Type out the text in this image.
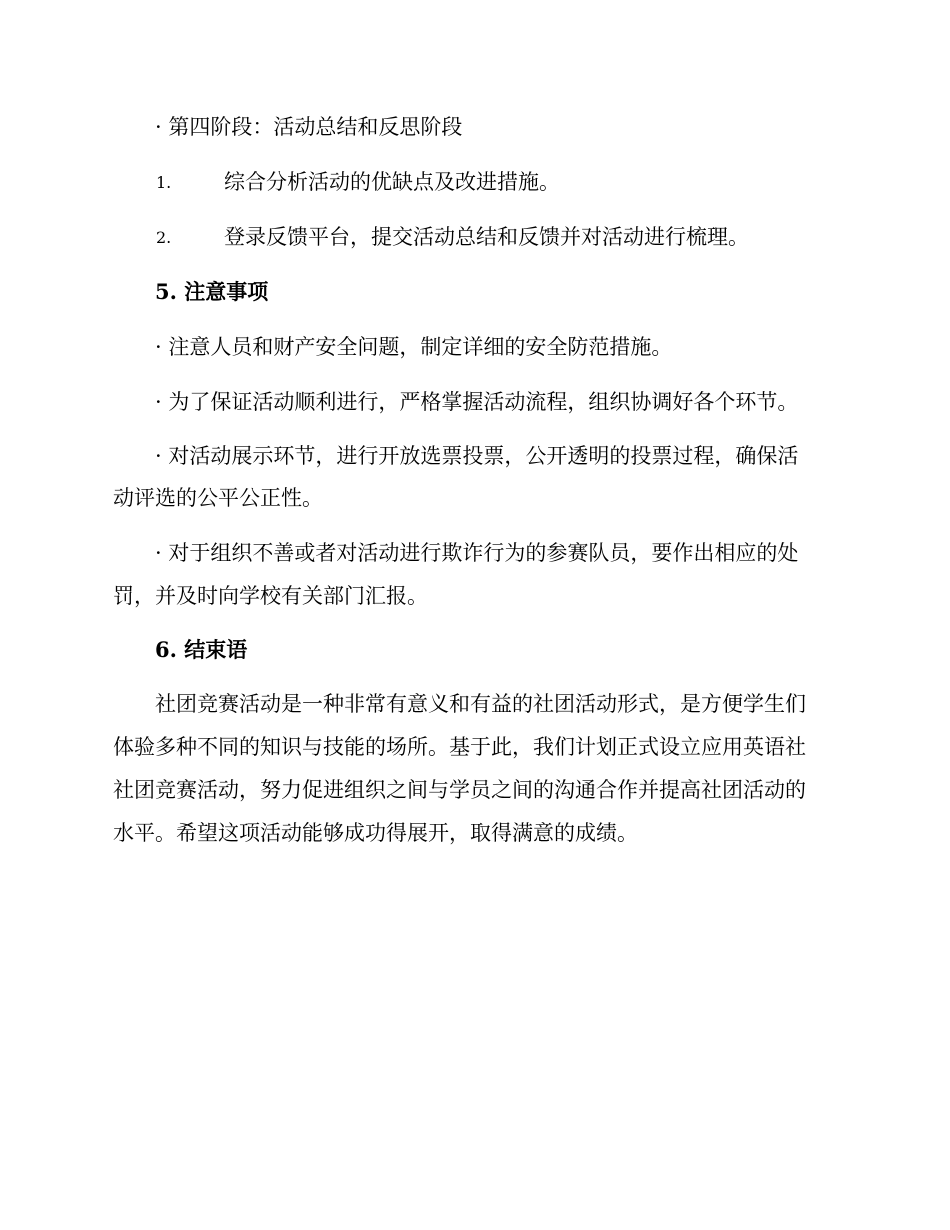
· 第四阶段：活动总结和反思阶段
1.	综合分析活动的优缺点及改进措施。
2.	登录反馈平台，提交活动总结和反馈并对活动进行梳理。
5. 注意事项
· 注意人员和财产安全问题，制定详细的安全防范措施。
· 为了保证活动顺利进行，严格掌握活动流程，组织协调好各个环节。
· 对活动展示环节，进行开放选票投票，公开透明的投票过程，确保活
动评选的公平公正性。
· 对于组织不善或者对活动进行欺诈行为的参赛队员，要作出相应的处
罚，并及时向学校有关部门汇报。
6. 结束语
社团竞赛活动是一种非常有意义和有益的社团活动形式，是方便学生们
体验多种不同的知识与技能的场所。基于此，我们计划正式设立应用英语社
社团竞赛活动，努力促进组织之间与学员之间的沟通合作并提高社团活动的
水平。希望这项活动能够成功得展开，取得满意的成绩。
